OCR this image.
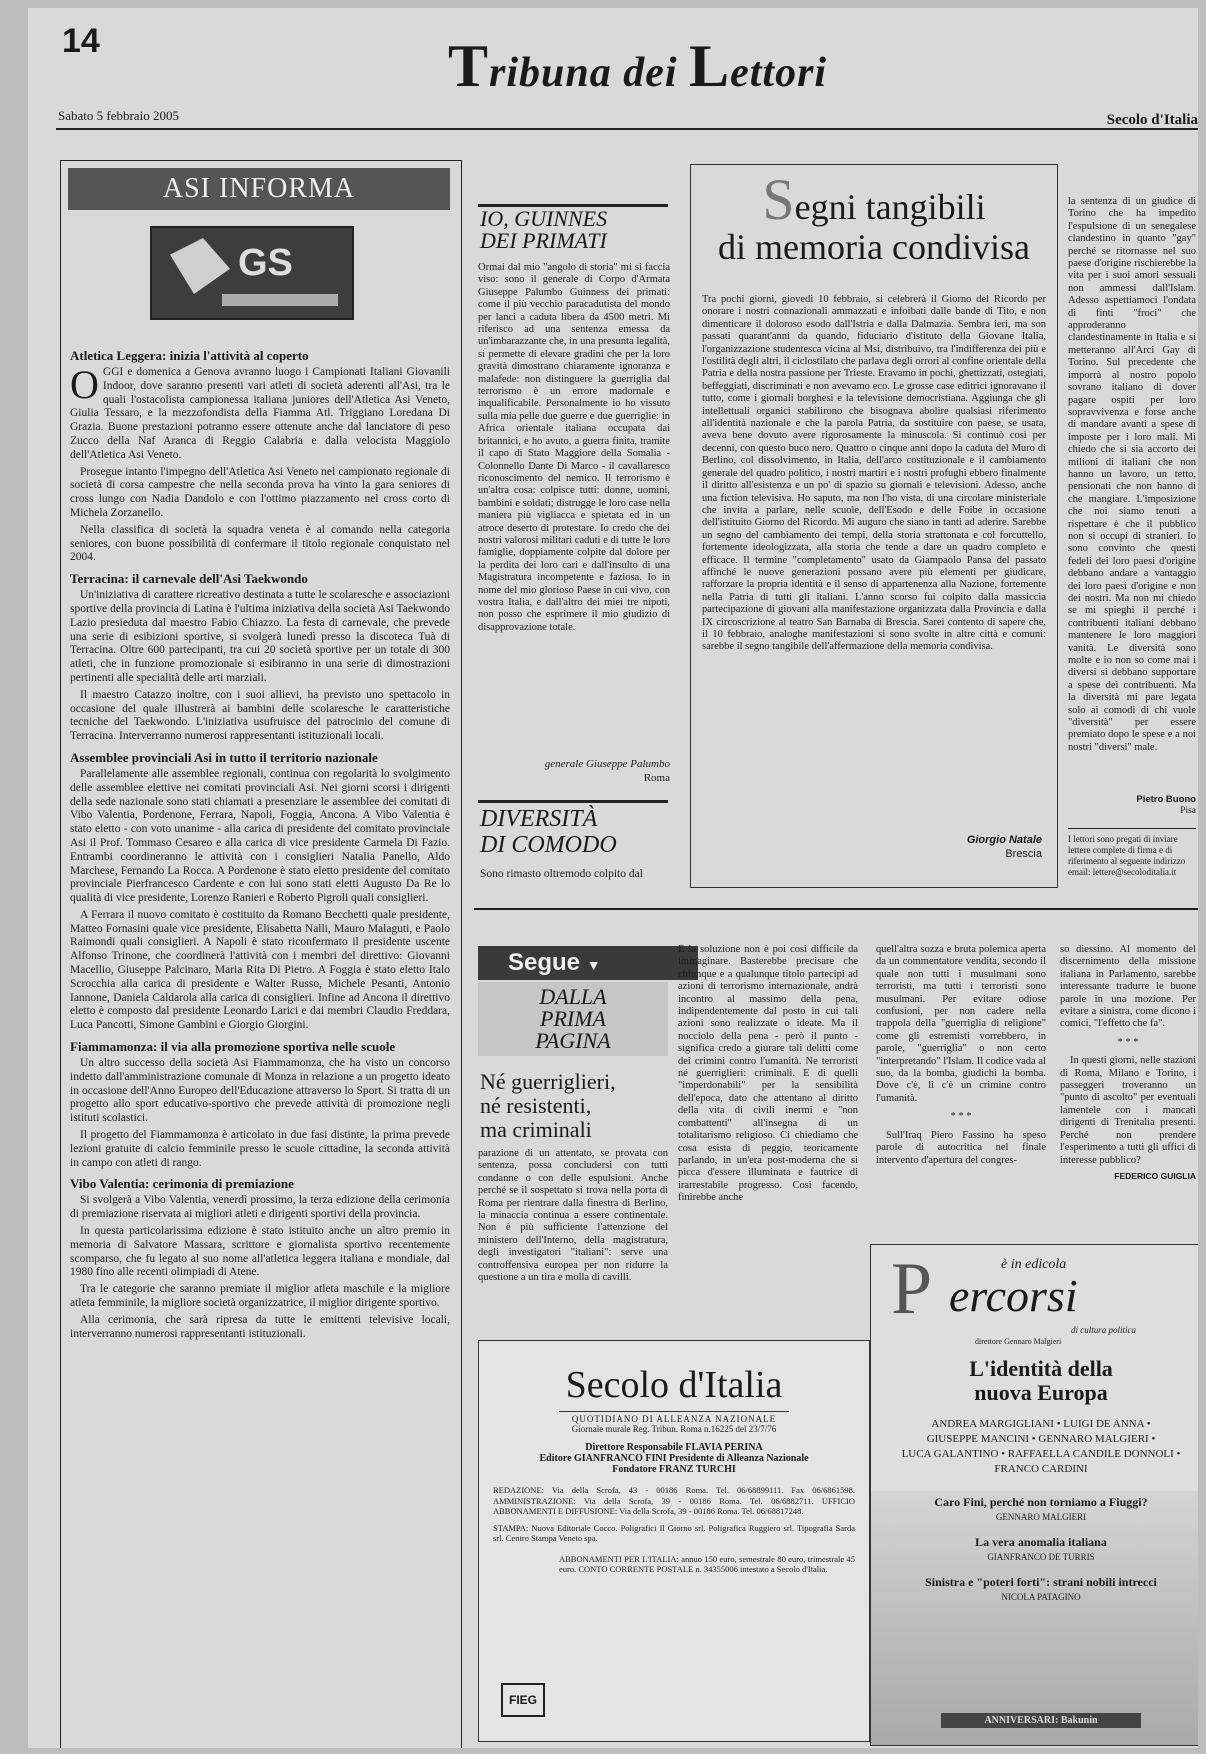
14	Tribuna dei Lettori
Sabato 5 febbraio 2005	Secolo d'Italia
ASI INFORMA
GS
Atletica Leggera: inizia l'attività al coperto

OGGI e domenica a Genova avranno luogo i Campionati Italiani Giovanili Indoor, dove saranno presenti vari atleti di società aderenti all'Asi, tra le quali l'ostacolista campionessa italiana juniores dell'Atletica Asi Veneto, Giulia Tessaro, e la mezzofondista della Fiamma Atl. Triggiano Loredana Di Grazia. Buone prestazioni potranno essere ottenute anche dal lanciatore di peso Zucco della Naf Aranca di Reggio Calabria e dalla velocista Maggiolo dell'Atletica Asi Veneto.

Prosegue intanto l'impegno dell'Atletica Asi Veneto nel campionato regionale di società di corsa campestre che nella seconda prova ha vinto la gara seniores di cross lungo con Nadia Dandolo e con l'ottimo piazzamento nel cross corto di Michela Zorzanello.

Nella classifica di società la squadra veneta è al comando nella categoria seniores, con buone possibilità di confermare il titolo regionale conquistato nel 2004.

Terracina: il carnevale dell'Asi Taekwondo

Un'iniziativa di carattere ricreativo destinata a tutte le scolaresche e associazioni sportive della provincia di Latina è l'ultima iniziativa della società Asi Taekwondo Lazio presieduta dal maestro Fabio Chiazzo. La festa di carnevale, che prevede una serie di esibizioni sportive, si svolgerà lunedì presso la discoteca Tuà di Terracina. Oltre 600 partecipanti, tra cui 20 società sportive per un totale di 300 atleti, che in funzione promozionale si esibiranno in una serie di dimostrazioni pertinenti alle specialità delle arti marziali.

Il maestro Catazzo inoltre, con i suoi allievi, ha previsto uno spettacolo in occasione del quale illustrerà ai bambini delle scolaresche le caratteristiche tecniche del Taekwondo. L'iniziativa usufruisce del patrocinio del comune di Terracina. Interverranno numerosi rappresentanti istituzionali locali.

Assemblee provinciali Asi in tutto il territorio nazionale

Parallelamente alle assemblee regionali, continua con regolarità lo svolgimento delle assemblee elettive nei comitati provinciali Asi. Nei giorni scorsi i dirigenti della sede nazionale sono stati chiamati a presenziare le assemblee dei comitati di Vibo Valentia, Pordenone, Ferrara, Napoli, Foggia, Ancona. A Vibo Valentia è stato eletto - con voto unanime - alla carica di presidente del comitato provinciale Asi il Prof. Tommaso Cesareo e alla carica di vice presidente Carmela Di Fazio. Entrambi coordineranno le attività con i consiglieri Natalia Panello, Aldo Marchese, Fernando La Rocca. A Pordenone è stato eletto presidente del comitato provinciale Pierfrancesco Cardente e con lui sono stati eletti Augusto Da Re lo qualità di vice presidente, Lorenzo Ranieri e Roberto Pigroli quali consiglieri.

A Ferrara il nuovo comitato è costituito da Romano Becchetti quale presidente, Matteo Fornasini quale vice presidente, Elisabetta Nalli, Mauro Malaguti, e Paolo Raimondi quali consiglieri. A Napoli è stato riconfermato il presidente uscente Alfonso Trinone, che coordinerà l'attività con i membri del direttivo: Giovanni Macellio, Giuseppe Palcinaro, Maria Rita Di Pietro. A Foggia è stato eletto Italo Scrocchia alla carica di presidente e Walter Russo, Michele Pesanti, Antonio Iannone, Daniela Caldarola alla carica di consiglieri. Infine ad Ancona il direttivo eletto è composto dal presidente Leonardo Larici e dai membri Claudio Freddara, Luca Pancotti, Simone Gambini e Giorgio Giorgini.

Fiammamonza: il via alla promozione sportiva nelle scuole

Un altro successo della società Asi Fiammamonza, che ha visto un concorso indetto dall'amministrazione comunale di Monza in relazione a un progetto ideato in occasione dell'Anno Europeo dell'Educazione attraverso lo Sport. Si tratta di un progetto allo sport educativo-sportivo che prevede attività di promozione negli istituti scolastici.

Il progetto del Fiammamonza è articolato in due fasi distinte, la prima prevede lezioni gratuite di calcio femminile presso le scuole cittadine, la seconda attività in campo con atleti di rango.

Vibo Valentia: cerimonia di premiazione

Si svolgerà a Vibo Valentia, venerdì prossimo, la terza edizione della cerimonia di premiazione riservata ai migliori atleti e dirigenti sportivi della provincia.

In questa particolarissima edizione è stato istituito anche un altro premio in memoria di Salvatore Massara, scrittore e giornalista sportivo recentemente scomparso, che fu legato al suo nome all'atletica leggera italiana e mondiale, dal 1980 fino alle recenti olimpiadi di Atene.

Tra le categorie che saranno premiate il miglior atleta maschile e la migliore atleta femminile, la migliore società organizzatrice, il miglior dirigente sportivo.

Alla cerimonia, che sarà ripresa da tutte le emittenti televisive locali, interverranno numerosi rappresentanti istituzionali.

IO, GUINNES
DEI PRIMATI

Ormai dal mio "angolo di storia" mi si faccia viso: sono il generale di Corpo d'Armata Giuseppe Palumbo Guinness dei primati: come il più vecchio paracadutista del mondo per lanci a caduta libera da 4500 metri. Mi riferisco ad una sentenza emessa da un'imbarazzante che, in una presunta legalità, si permette di elevare gradini che per la loro gravità dimostrano chiaramente ignoranza e malafede: non distinguere la guerriglia dal terrorismo è un errore madornale e inqualificabile. Personalmente io ho vissuto sulla mia pelle due guerre e due guerriglie: in Africa orientale italiana occupata dai britannici, e ho avuto, a guerra finita, tramite il capo di Stato Maggiore della Somalia - Colonnello Dante Di Marco - il cavallaresco riconoscimento del nemico. Il terrorismo è un'altra cosa: colpisce tutti: donne, uomini, bambini e soldati; distrugge le loro case nella maniera più vigliacca e spietata ed in un atroce deserto di protestare. Io credo che dei nostri valorosi militari caduti e di tutte le loro famiglie, doppiamente colpite dal dolore per la perdita dei loro cari e dall'insulto di una Magistratura incompetente e faziosa. Io in nome del mio glorioso Paese in cui vivo, con vostra Italia, e dall'altro dei miei tre nipoti, non posso che esprimere il mio giudizio di disapprovazione totale.

generale Giuseppe Palumbo
Roma
DIVERSITÀ
DI COMODO
Sono rimasto oltremodo colpito dal
Segni tangibili
di memoria condivisa

Tra pochi giorni, giovedì 10 febbraio, si celebrerà il Giorno del Ricordo per onorare i nostri connazionali ammazzati e infoibati dalle bande di Tito, e non dimenticare il doloroso esodo dall'Istria e dalla Dalmazia. Sembra ieri, ma son passati quarant'anni da quando, fiduciario d'istituto della Giovane Italia, l'organizzazione studentesca vicina al Msi, distribuivo, tra l'indifferenza dei più e l'ostilità degli altri, il ciclostilato che parlava degli orrori al confine orientale della Patria e della nostra passione per Trieste. Eravamo in pochi, ghettizzati, ostegiati, beffeggiati, discriminati e non avevamo eco. Le grosse case editrici ignoravano il tutto, come i giornali borghesi e la televisione democristiana. Aggiunga che gli intellettuali organici stabilirono che bisognava abolire qualsiasi riferimento all'identità nazionale e che la parola Patria, da sostituire con paese, se usata, aveva bene dovuto avere rigorosamente la minuscola. Si continuò così per decenni, con questo buco nero. Quattro o cinque anni dopo la caduta del Muro di Berlino, col dissolvimento, in Italia, dell'arco costituzionale e il cambiamento generale del quadro politico, i nostri martiri e i nostri profughi ebbero finalmente il diritto all'esistenza e un po' di spazio su giornali e televisioni. Adesso, anche una fiction televisiva. Ho saputo, ma non l'ho vista, di una circolare ministeriale che invita a parlare, nelle scuole, dell'Esodo e delle Foibe in occasione dell'istituito Giorno del Ricordo. Mi auguro che siano in tanti ad aderire. Sarebbe un segno del cambiamento dei tempi, della storia strattonata e col forcuttello, fortemente ideologizzata, alla storia che tende a dare un quadro completo e efficace. Il termine "completamento" usato da Giampaolo Pansa del passato affinché le nuove generazioni possano avere più elementi per giudicare, rafforzare la propria identità e il senso di appartenenza alla Nazione, fortemente nella Patria di tutti gli italiani. L'anno scorso fui colpito dalla massiccia partecipazione di giovani alla manifestazione organizzata dalla Provincia e dalla IX circoscrizione al teatro San Barnaba di Brescia. Sarei contento di sapere che, il 10 febbraio, analoghe manifestazioni si sono svolte in altre città e comuni: sarebbe il segno tangibile dell'affermazione della memoria condivisa.

Giorgio Natale
Brescia

la sentenza di un giudice di Torino che ha impedito l'espulsione di un senegalese clandestino in quanto "gay" perché se ritornasse nel suo paese d'origine rischierebbe la vita per i suoi amori sessuali non ammessi dall'Islam. Adesso aspettiamoci l'ondata di finti "froci" che approderanno clandestinamente in Italia e si metteranno all'Arci Gay di Torino. Sul precedente che imporrà al nostro popolo sovrano italiano di dover pagare ospiti per loro sopravvivenza e forse anche di mandare avanti a spese di imposte per i loro mali. Mi chiedo che si sia accorto dei milioni di italiani che non hanno un lavoro, un tetto, pensionati che non hanno di che mangiare. L'imposizione che noi siamo tenuti a rispettare è che il pubblico non si occupi di stranieri. Io sono convinto che questi fedeli dei loro paesi d'origine debbano andare a vantaggio dei loro paesi d'origine e non dei nostri. Ma non mi chiedo se mi spieghi il perché i contribuenti italiani debbano mantenere le loro maggiori vanità. Le diversità sono molte e io non so come mai i diversi si debbano supportare a spese dei contribuenti. Ma la diversità mi pare legata solo ai comodi di chi vuole "diversità" per essere premiato dopo le spese e a noi nostri "diversi" male.

Pietro Buono
Pisa
I lettori sono pregati di inviare lettere complete di firma e di riferimento al seguente indirizzo email: lettere@secoloditalia.it
Segue ▼
DALLA
PRIMA
PAGINA
Né guerriglieri,
né resistenti,
ma criminali

parazione di un attentato, se provata con sentenza, possa concludersi con tutti condanne o con delle espulsioni. Anche perché se il sospettato si trova nella porta di Roma per rientrare dalla finestra di Berlino, la minaccia continua a essere continentale. Non è più sufficiente l'attenzione del ministero dell'Interno, della magistratura, degli investigatori "italiani": serve una controffensiva europea per non ridurre la questione a un tira e molla di cavilli.

È la soluzione non è poi così difficile da immaginare. Basterebbe precisare che chiunque e a qualunque titolo partecipi ad azioni di terrorismo internazionale, andrà incontro al massimo della pena, indipendentemente dal posto in cui tali azioni sono realizzate o ideate. Ma il nocciolo della pena - però il punto - significa credo a giurare tali delitti come dei crimini contro l'umanità. Ne terroristi né guerriglieri: criminali. E di quelli "imperdonabili" per la sensibilità dell'epoca, dato che attentano al diritto della vita di civili inermi e "non combattenti" all'insegna di un totalitarismo religioso. Ci chiediamo che cosa esista di peggio, teoricamente parlando, in un'era post-moderna che si picca d'essere illuminata e fautrice di irarrestabile progresso. Così facendo, finirebbe anche

quell'altra sozza e bruta polemica aperta da un commentatore vendita, secondo il quale non tutti i musulmani sono terroristi, ma tutti i terroristi sono musulmani. Per evitare odiose confusioni, per non cadere nella trappola della "guerriglia di religione" come gli estremisti vorrebbero, in parole, "guerriglia" o non certo "interpretando" l'Islam. Il codice vada al suo, da la bomba, giudichi la bomba. Dove c'è, lì c'è un crimine contro l'umanità.

* * *

Sull'Iraq Piero Fassino ha speso parole di autocritica nel finale intervento d'apertura del congres-

so diessino. Al momento del discernimento della missione italiana in Parlamento, sarebbe interessante tradurre le buone parole in una mozione. Per evitare a sinistra, come dicono i comici, "l'effetto che fa".

* * *

In questi giorni, nelle stazioni di Roma, Milano e Torino, i passeggeri troveranno un "punto di ascolto" per eventuali lamentele con i mancati dirigenti di Trenitalia presenti. Perché non prendere l'esperimento a tutti gli uffici di interesse pubblico?

FEDERICO GUIGLIA
Secolo d'Italia
QUOTIDIANO DI ALLEANZA NAZIONALE
Giornale murale Reg. Tribun. Roma n.16225 del 23/7/76
Direttore Responsabile FLAVIA PERINA
Editore GIANFRANCO FINI Presidente di Alleanza Nazionale
Fondatore FRANZ TURCHI
REDAZIONE: Via della Scrofa, 43 - 00186 Roma. Tel. 06/68899111. Fax 06/6861598. AMMINISTRAZIONE: Via della Scrofa, 39 - 00186 Roma. Tel. 06/6882711. UFFICIO ABBONAMENTI E DIFFUSIONE: Via della Scrofa, 39 - 00186 Roma. Tel. 06/68817248.
STAMPA: Nuova Editoriale Cocco. Poligrafici Il Giorno srl. Poligrafica Ruggiero srl. Tipografia Sarda srl. Centro Stampa Veneto spa.
ABBONAMENTI PER L'ITALIA: annuo 150 euro, semestrale 80 euro, trimestrale 45 euro. CONTO CORRENTE POSTALE n. 34355006 intestato a Secolo d'Italia.
FIEG
è in edicola
P ercorsi
di cultura politica
direttore Gennaro Malgieri
L'identità della
nuova Europa
ANDREA MARGIGLIANI • LUIGI DE ANNA •
GIUSEPPE MANCINI • GENNARO MALGIERI •
LUCA GALANTINO • RAFFAELLA CANDILE DONNOLI •
FRANCO CARDINI
Caro Fini, perché non torniamo a Fiuggi?
GENNARO MALGIERI
La vera anomalia italiana
GIANFRANCO DE TURRIS
Sinistra e "poteri forti": strani nobili intrecci
NICOLA PATAGINO
ANNIVERSARI: Bakunin
